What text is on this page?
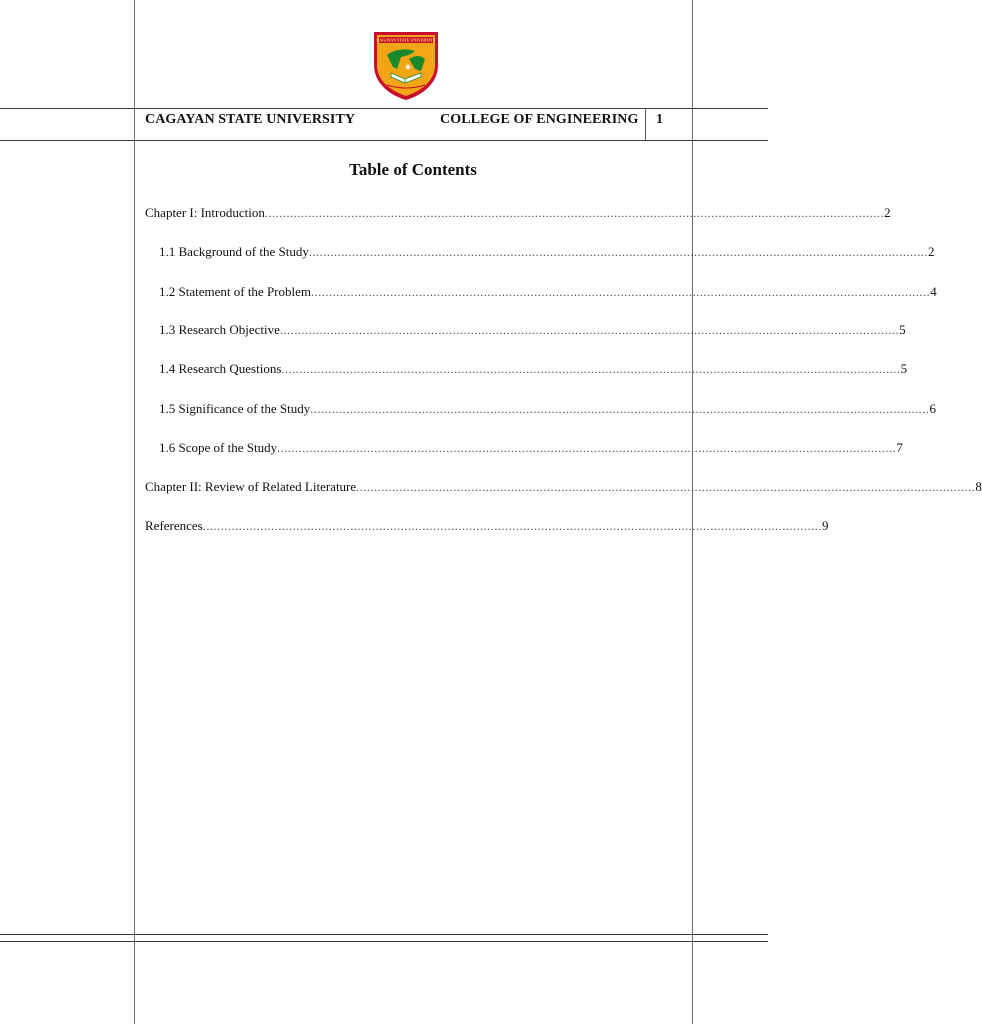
CAGAYAN STATE UNIVERSITY
CAGAYAN STATE UNIVERSITY	COLLEGE OF ENGINEERING 1
Table of Contents
Chapter I: Introduction ............................................................................................................................................................................ 2
1.1 Background of the Study ............................................................................................................................................................................ 2
1.2 Statement of the Problem ............................................................................................................................................................................ 4
1.3 Research Objective ............................................................................................................................................................................ 5
1.4 Research Questions ............................................................................................................................................................................ 5
1.5 Significance of the Study ............................................................................................................................................................................ 6
1.6 Scope of the Study ............................................................................................................................................................................ 7
Chapter II: Review of Related Literature ............................................................................................................................................................................ 8
References ............................................................................................................................................................................ 9
